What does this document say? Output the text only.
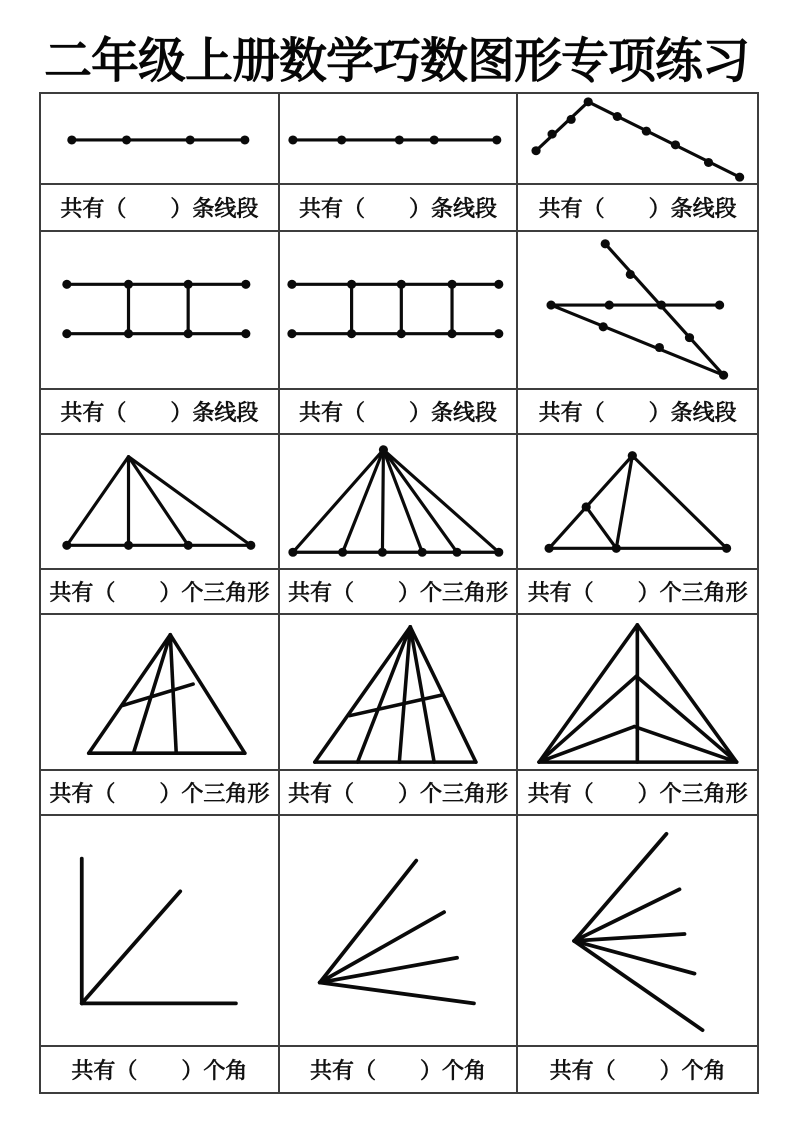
二年级上册数学巧数图形专项练习
共有（　　）条线段 共有（　　）条线段 共有（　　）条线段
共有（　　）条线段 共有（　　）条线段 共有（　　）条线段
共有（　　）个三角形 共有（　　）个三角形 共有（　　）个三角形
共有（　　）个三角形 共有（　　）个三角形 共有（　　）个三角形
共有（　　）个角	共有（　　）个角	共有（　　）个角
